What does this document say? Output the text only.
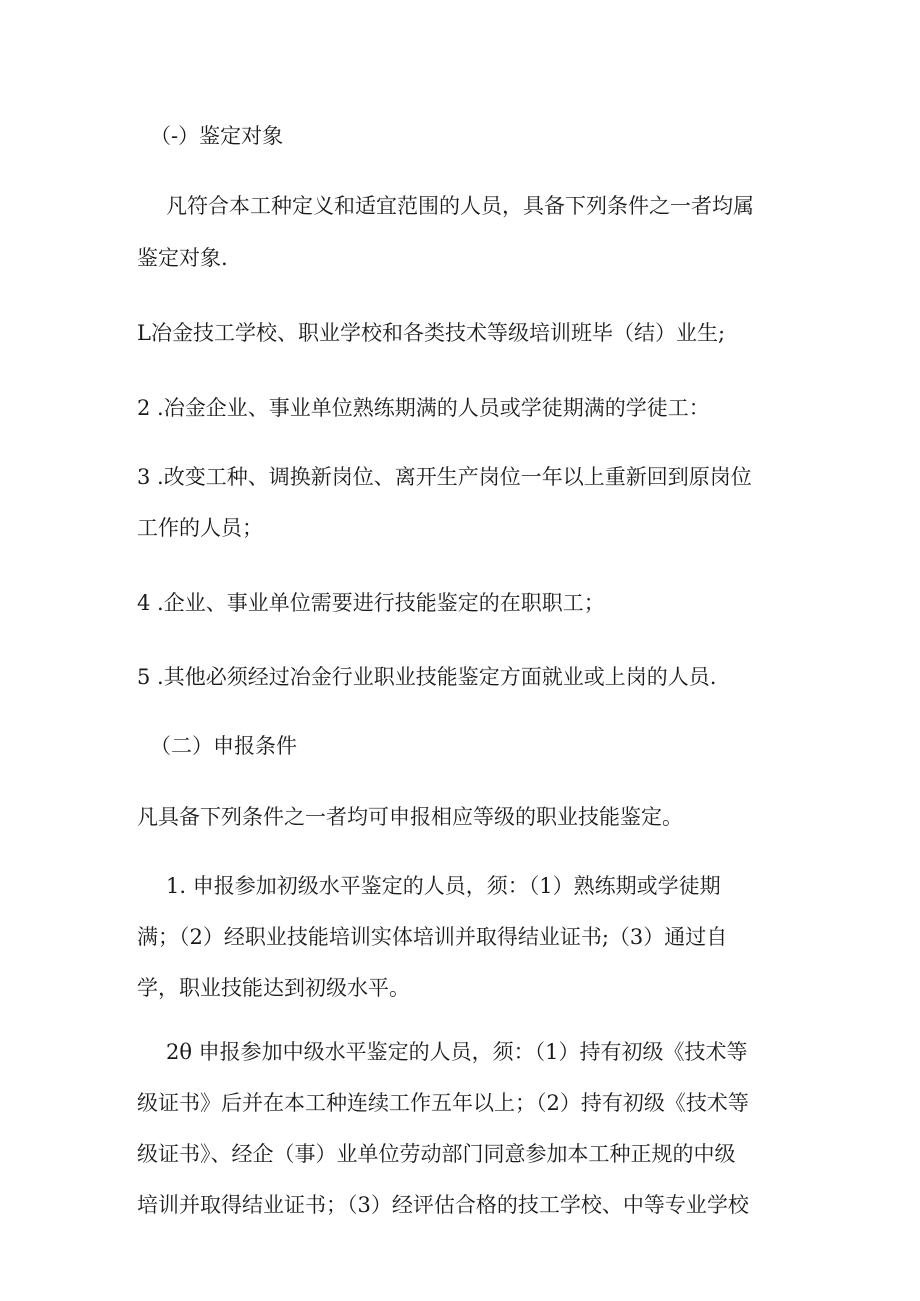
（-）鉴定对象
凡符合本工种定义和适宜范围的人员，具备下列条件之一者均属
鉴定对象.
L冶金技工学校、职业学校和各类技术等级培训班毕（结）业生;
2 .冶金企业、事业单位熟练期满的人员或学徒期满的学徒工：
3 .改变工种、调换新岗位、离开生产岗位一年以上重新回到原岗位
工作的人员；
4 .企业、事业单位需要进行技能鉴定的在职职工；
5 .其他必须经过冶金行业职业技能鉴定方面就业或上岗的人员.
（二）申报条件
凡具备下列条件之一者均可申报相应等级的职业技能鉴定。
1. 申报参加初级水平鉴定的人员，须：（1）熟练期或学徒期
满；（2）经职业技能培训实体培训并取得结业证书;（3）通过自
学，职业技能达到初级水平。
2θ 申报参加中级水平鉴定的人员，须：（1）持有初级《技术等
级证书》后并在本工种连续工作五年以上；（2）持有初级《技术等
级证书》、经企（事）业单位劳动部门同意参加本工种正规的中级
培训并取得结业证书；（3）经评估合格的技工学校、中等专业学校
